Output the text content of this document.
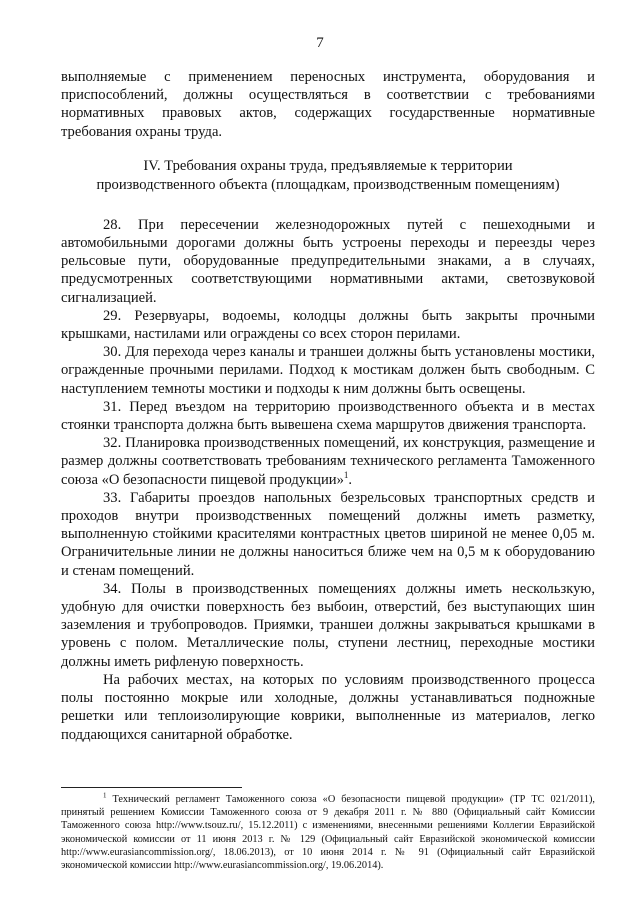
7

выполняемые с применением переносных инструмента, оборудования и приспособлений, должны осуществляться в соответствии с требованиями нормативных правовых актов, содержащих государственные нормативные требования охраны труда.

IV. Требования охраны труда, предъявляемые к территории
производственного объекта (площадкам, производственным помещениям)

28. При пересечении железнодорожных путей с пешеходными и автомобильными дорогами должны быть устроены переходы и переезды через рельсовые пути, оборудованные предупредительными знаками, а в случаях, предусмотренных соответствующими нормативными актами, светозвуковой сигнализацией.

29. Резервуары, водоемы, колодцы должны быть закрыты прочными крышками, настилами или ограждены со всех сторон перилами.

30. Для перехода через каналы и траншеи должны быть установлены мостики, огражденные прочными перилами. Подход к мостикам должен быть свободным. С наступлением темноты мостики и подходы к ним должны быть освещены.

31. Перед въездом на территорию производственного объекта и в местах стоянки транспорта должна быть вывешена схема маршрутов движения транспорта.

32. Планировка производственных помещений, их конструкция, размещение и размер должны соответствовать требованиям технического регламента Таможенного союза «О безопасности пищевой продукции»$^1$.

33. Габариты проездов напольных безрельсовых транспортных средств и проходов внутри производственных помещений должны иметь разметку, выполненную стойкими красителями контрастных цветов шириной не менее 0,05 м. Ограничительные линии не должны наноситься ближе чем на 0,5 м к оборудованию и стенам помещений.

34. Полы в производственных помещениях должны иметь нескользкую, удобную для очистки поверхность без выбоин, отверстий, без выступающих шин заземления и трубопроводов. Приямки, траншеи должны закрываться крышками в уровень с полом. Металлические полы, ступени лестниц, переходные мостики должны иметь рифленую поверхность.

На рабочих местах, на которых по условиям производственного процесса полы постоянно мокрые или холодные, должны устанавливаться подножные решетки или теплоизолирующие коврики, выполненные из материалов, легко поддающихся санитарной обработке.

$^1$ Технический регламент Таможенного союза «О безопасности пищевой продукции» (ТР ТС 021/2011), принятый решением Комиссии Таможенного союза от 9 декабря 2011 г. № 880 (Официальный сайт Комиссии Таможенного союза http://www.tsouz.ru/, 15.12.2011) с изменениями, внесенными решениями Коллегии Евразийской экономической комиссии от 11 июня 2013 г. № 129 (Официальный сайт Евразийской экономической комиссии http://www.eurasiancommission.org/, 18.06.2013), от 10 июня 2014 г. № 91 (Официальный сайт Евразийской экономической комиссии http://www.eurasiancommission.org/, 19.06.2014).
